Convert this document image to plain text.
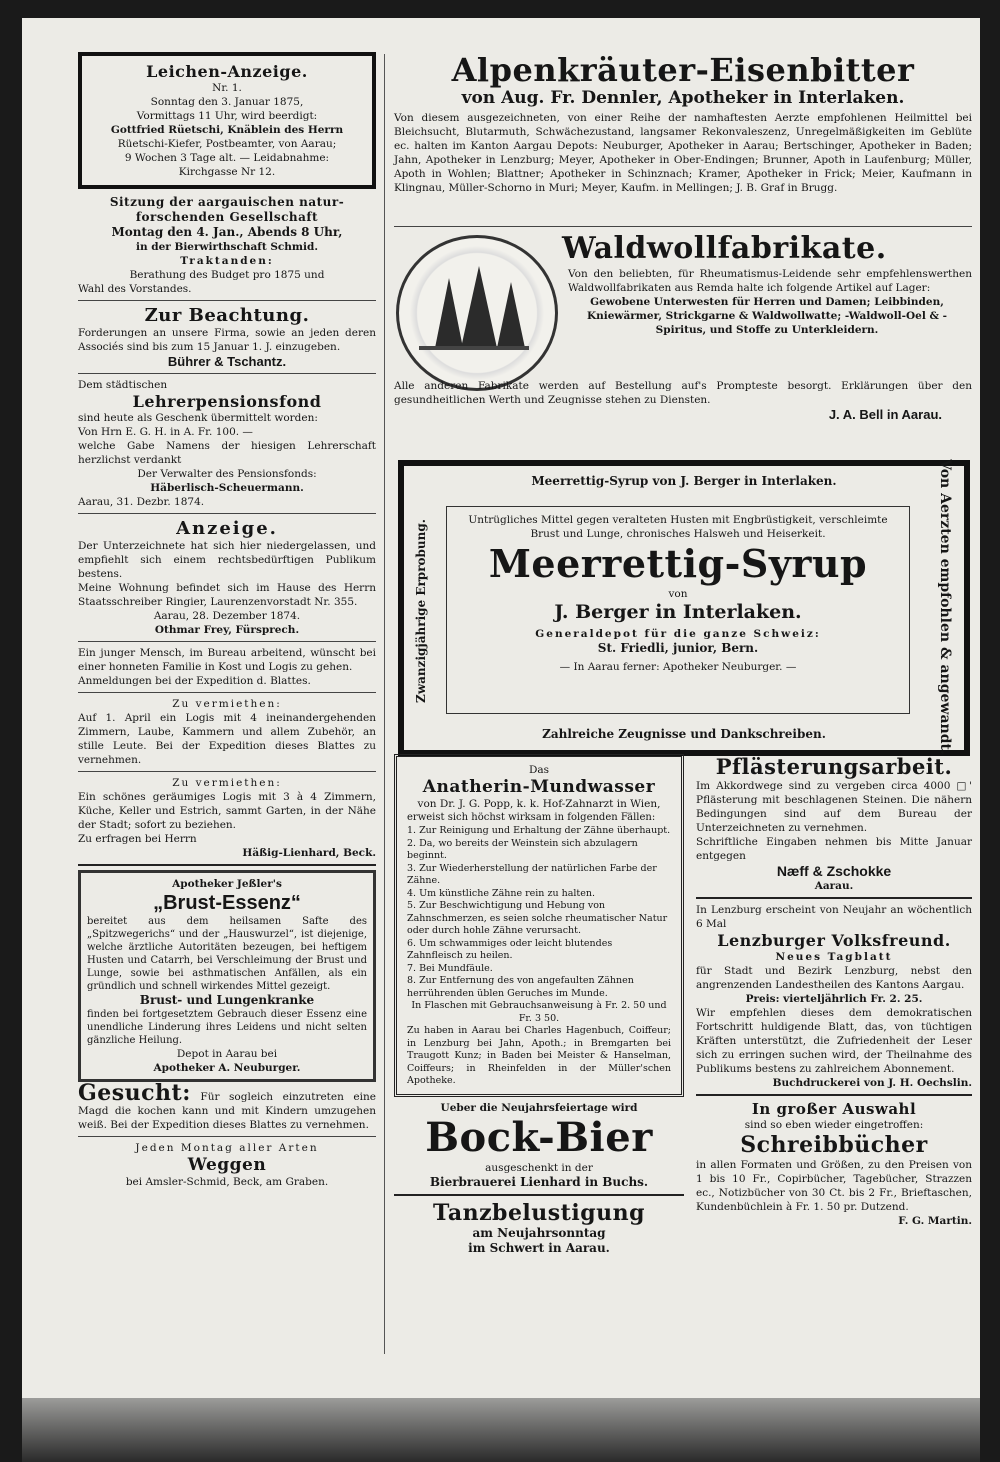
Leichen-Anzeige.

Nr. 1.

Sonntag den 3. Januar 1875,

Vormittags 11 Uhr, wird beerdigt:

Gottfried Rüetschi, Knäblein des Herrn

Rüetschi-Kiefer, Postbeamter, von Aarau;

9 Wochen 3 Tage alt. — Leidabnahme:

Kirchgasse Nr 12.

Sitzung der aargauischen natur-

forschenden Gesellschaft

Montag den 4. Jan., Abends 8 Uhr,

in der Bierwirthschaft Schmid.

Traktanden:

Berathung des Budget pro 1875 und

Wahl des Vorstandes.

Zur Beachtung.

Forderungen an unsere Firma, sowie an jeden deren Associés sind bis zum 15 Januar 1. J. einzugeben.

Bührer & Tschantz.

Dem städtischen

Lehrerpensionsfond

sind heute als Geschenk übermittelt worden:

Von Hrn E. G. H. in A. Fr. 100. —

welche Gabe Namens der hiesigen Lehrerschaft herzlichst verdankt

Der Verwalter des Pensionsfonds:

Häberlisch-Scheuermann.

Aarau, 31. Dezbr. 1874.

Anzeige.

Der Unterzeichnete hat sich hier niedergelassen, und empfiehlt sich einem rechtsbedürftigen Publikum bestens.

Meine Wohnung befindet sich im Hause des Herrn Staatsschreiber Ringier, Laurenzenvorstadt Nr. 355.

Aarau, 28. Dezember 1874.

Othmar Frey, Fürsprech.

Ein junger Mensch, im Bureau arbeitend, wünscht bei einer honneten Familie in Kost und Logis zu gehen.

Anmeldungen bei der Expedition d. Blattes.

Zu vermiethen:

Auf 1. April ein Logis mit 4 ineinandergehenden Zimmern, Laube, Kammern und allem Zubehör, an stille Leute. Bei der Expedition dieses Blattes zu vernehmen.

Zu vermiethen:

Ein schönes geräumiges Logis mit 3 à 4 Zimmern, Küche, Keller und Estrich, sammt Garten, in der Nähe der Stadt; sofort zu beziehen.

Zu erfragen bei Herrn

Häßig-Lienhard, Beck.

Apotheker Jeßler's

„Brust-Essenz“

bereitet aus dem heilsamen Safte des „Spitzwegerichs“ und der „Hauswurzel“, ist diejenige, welche ärztliche Autoritäten bezeugen, bei heftigem Husten und Catarrh, bei Verschleimung der Brust und Lunge, sowie bei asthmatischen Anfällen, als ein gründlich und schnell wirkendes Mittel gezeigt.

Brust- und Lungenkranke

finden bei fortgesetztem Gebrauch dieser Essenz eine unendliche Linderung ihres Leidens und nicht selten gänzliche Heilung.

Depot in Aarau bei

Apotheker A. Neuburger.

Gesucht: Für sogleich einzutreten eine Magd die kochen kann und mit Kindern umzugehen weiß. Bei der Expedition dieses Blattes zu vernehmen.

Jeden Montag aller Arten

Weggen

bei Amsler-Schmid, Beck, am Graben.

Alpenkräuter-Eisenbitter

von Aug. Fr. Dennler, Apotheker in Interlaken.

Von diesem ausgezeichneten, von einer Reihe der namhaftesten Aerzte empfohlenen Heilmittel bei Bleichsucht, Blutarmuth, Schwächezustand, langsamer Rekonvaleszenz, Unregelmäßigkeiten im Geblüte ec. halten im Kanton Aargau Depots: Neuburger, Apotheker in Aarau; Bertschinger, Apotheker in Baden; Jahn, Apotheker in Lenzburg; Meyer, Apotheker in Ober-Endingen; Brunner, Apoth in Laufenburg; Müller, Apoth in Wohlen; Blattner; Apotheker in Schinznach; Kramer, Apotheker in Frick; Meier, Kaufmann in Klingnau, Müller-Schorno in Muri; Meyer, Kaufm. in Mellingen; J. B. Graf in Brugg.

Waldwollfabrikate.

Von den beliebten, für Rheumatismus-Leidende sehr empfehlenswerthen Waldwollfabrikaten aus Remda halte ich folgende Artikel auf Lager:

Gewobene Unterwesten für Herren und Damen; Leibbinden, Kniewärmer, Strickgarne & Waldwollwatte; -Waldwoll-Oel & -Spiritus, und Stoffe zu Unterkleidern.

Alle anderen Fabrikate werden auf Bestellung auf's Prompteste besorgt. Erklärungen über den gesundheitlichen Werth und Zeugnisse stehen zu Diensten.

J. A. Bell in Aarau.

Meerrettig-Syrup von J. Berger in Interlaken.

Zwanzigjährige Erprobung.	Von Aerzten empfohlen & angewandt.

Untrügliches Mittel gegen veralteten Husten mit Engbrüstigkeit, verschleimte Brust und Lunge, chronisches Halsweh und Heiserkeit.

Meerrettig-Syrup

von

J. Berger in Interlaken.

Generaldepot für die ganze Schweiz:

St. Friedli, junior, Bern.

— In Aarau ferner: Apotheker Neuburger. —

Zahlreiche Zeugnisse und Dankschreiben.

Das

Anatherin-Mundwasser

von Dr. J. G. Popp, k. k. Hof-Zahnarzt in Wien,

erweist sich höchst wirksam in folgenden Fällen:

1. Zur Reinigung und Erhaltung der Zähne überhaupt.

2. Da, wo bereits der Weinstein sich abzulagern beginnt.

3. Zur Wiederherstellung der natürlichen Farbe der Zähne.

4. Um künstliche Zähne rein zu halten.

5. Zur Beschwichtigung und Hebung von Zahnschmerzen, es seien solche rheumatischer Natur oder durch hohle Zähne verursacht.

6. Um schwammiges oder leicht blutendes Zahnfleisch zu heilen.

7. Bei Mundfäule.

8. Zur Entfernung des von angefaulten Zähnen herrührenden üblen Geruches im Munde.

In Flaschen mit Gebrauchsanweisung à Fr. 2. 50 und Fr. 3 50.

Zu haben in Aarau bei Charles Hagenbuch, Coiffeur; in Lenzburg bei Jahn, Apoth.; in Bremgarten bei Traugott Kunz; in Baden bei Meister & Hanselman, Coiffeurs; in Rheinfelden in der Müller'schen Apotheke.

Ueber die Neujahrsfeiertage wird

Bock-Bier

ausgeschenkt in der

Bierbrauerei Lienhard in Buchs.

Tanzbelustigung

am Neujahrsonntag

im Schwert in Aarau.

Pflästerungsarbeit.

Im Akkordwege sind zu vergeben circa 4000 □' Pflästerung mit beschlagenen Steinen. Die nähern Bedingungen sind auf dem Bureau der Unterzeichneten zu vernehmen.

Schriftliche Eingaben nehmen bis Mitte Januar entgegen

Næff & Zschokke

Aarau.

In Lenzburg erscheint von Neujahr an wöchentlich 6 Mal

Lenzburger Volksfreund.

Neues Tagblatt

für Stadt und Bezirk Lenzburg, nebst den angrenzenden Landestheilen des Kantons Aargau.

Preis: vierteljährlich Fr. 2. 25.

Wir empfehlen dieses dem demokratischen Fortschritt huldigende Blatt, das, von tüchtigen Kräften unterstützt, die Zufriedenheit der Leser sich zu erringen suchen wird, der Theilnahme des Publikums bestens zu zahlreichem Abonnement.

Buchdruckerei von J. H. Oechslin.

In großer Auswahl

sind so eben wieder eingetroffen:

Schreibbücher

in allen Formaten und Größen, zu den Preisen von 1 bis 10 Fr., Copirbücher, Tagebücher, Strazzen ec., Notizbücher von 30 Ct. bis 2 Fr., Brieftaschen, Kundenbüchlein à Fr. 1. 50 pr. Dutzend.

F. G. Martin.
